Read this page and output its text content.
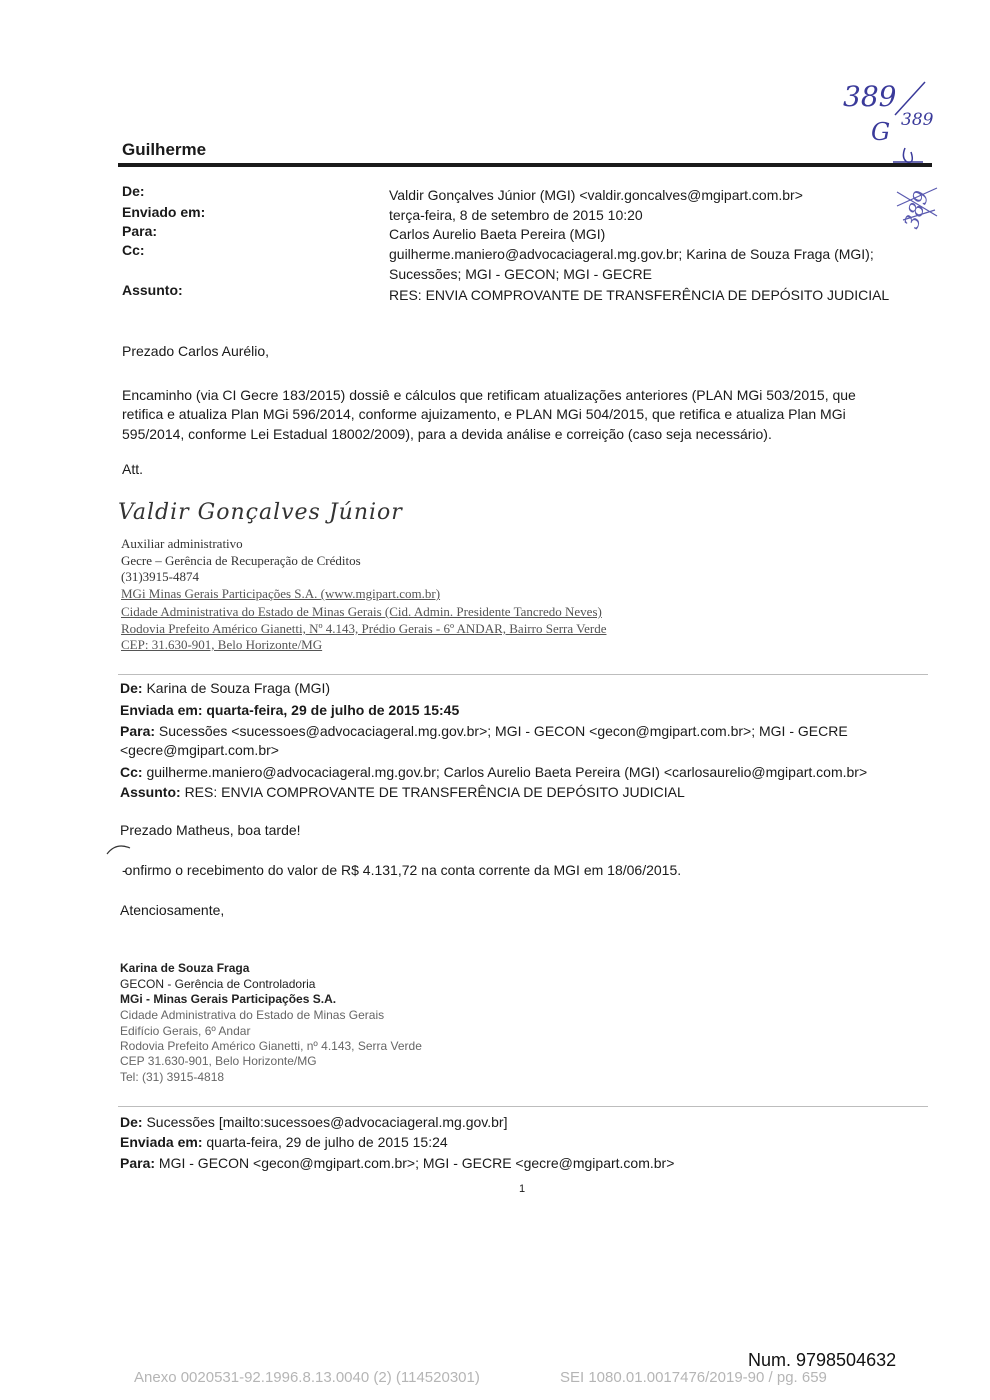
389
389
G
389
Guilherme
De:
Enviado em:
Para:
Cc:
Assunto:
Valdir Gonçalves Júnior (MGI) <valdir.goncalves@mgipart.com.br>
terça-feira, 8 de setembro de 2015 10:20
Carlos Aurelio Baeta Pereira (MGI)
guilherme.maniero@advocaciageral.mg.gov.br; Karina de Souza Fraga (MGI);
Sucessões; MGI - GECON; MGI - GECRE
RES: ENVIA COMPROVANTE DE TRANSFERÊNCIA DE DEPÓSITO JUDICIAL
Prezado Carlos Aurélio,
Encaminho (via CI Gecre 183/2015) dossiê e cálculos que retificam atualizações anteriores (PLAN MGi 503/2015, que
retifica e atualiza Plan MGi 596/2014, conforme ajuizamento, e PLAN MGi 504/2015, que retifica e atualiza Plan MGi
595/2014, conforme Lei Estadual 18002/2009), para a devida análise e correição (caso seja necessário).
Att.
Valdir Gonçalves Júnior
Auxiliar administrativo
Gecre – Gerência de Recuperação de Créditos
(31)3915-4874
MGi Minas Gerais Participações S.A. (www.mgipart.com.br)
Cidade Administrativa do Estado de Minas Gerais (Cid. Admin. Presidente Tancredo Neves)
Rodovia Prefeito Américo Gianetti, Nº 4.143, Prédio Gerais - 6º ANDAR, Bairro Serra Verde
CEP: 31.630-901, Belo Horizonte/MG
De: Karina de Souza Fraga (MGI)
Enviada em: quarta-feira, 29 de julho de 2015 15:45
Para: Sucessões <sucessoes@advocaciageral.mg.gov.br>; MGI - GECON <gecon@mgipart.com.br>; MGI - GECRE
<gecre@mgipart.com.br>
Cc: guilherme.maniero@advocaciageral.mg.gov.br; Carlos Aurelio Baeta Pereira (MGI) <carlosaurelio@mgipart.com.br>
Assunto: RES: ENVIA COMPROVANTE DE TRANSFERÊNCIA DE DEPÓSITO JUDICIAL
Prezado Matheus, boa tarde!
-onfirmo o recebimento do valor de R$ 4.131,72 na conta corrente da MGI em 18/06/2015.
Atenciosamente,
Karina de Souza Fraga
GECON - Gerência de Controladoria
MGi - Minas Gerais Participações S.A.
Cidade Administrativa do Estado de Minas Gerais
Edifício Gerais, 6º Andar
Rodovia Prefeito Américo Gianetti, nº 4.143, Serra Verde
CEP 31.630-901, Belo Horizonte/MG
Tel: (31) 3915-4818
De: Sucessões [mailto:sucessoes@advocaciageral.mg.gov.br]
Enviada em: quarta-feira, 29 de julho de 2015 15:24
Para: MGI - GECON <gecon@mgipart.com.br>; MGI - GECRE <gecre@mgipart.com.br>
1
Num. 9798504632
Anexo 0020531-92.1996.8.13.0040 (2) (114520301)	SEI 1080.01.0017476/2019-90 / pg. 659
